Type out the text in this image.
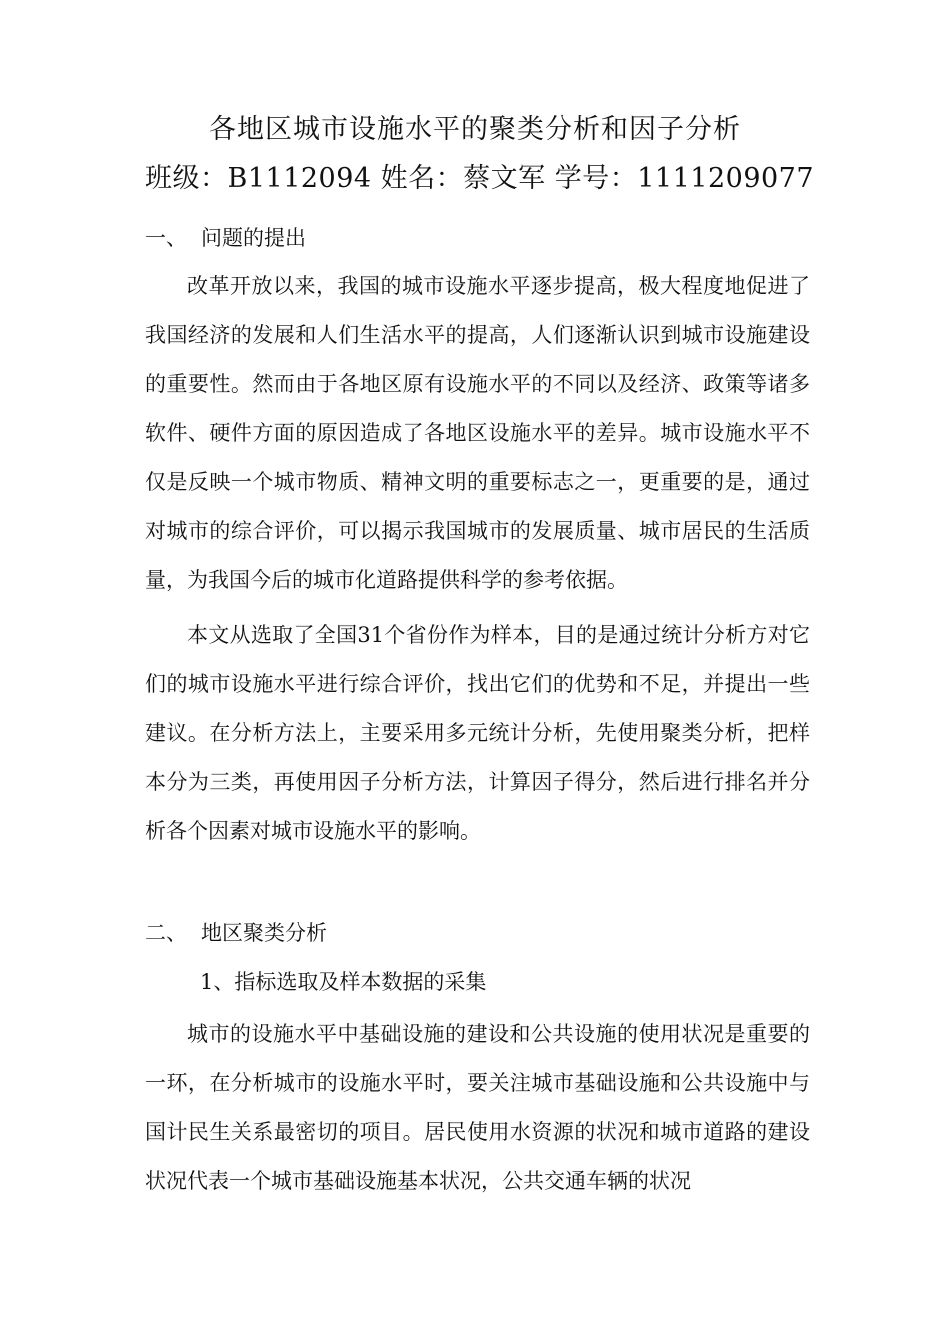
各地区城市设施水平的聚类分析和因子分析
班级：B1112094 姓名：蔡文军 学号：1111209077
一、 问题的提出

改革开放以来，我国的城市设施水平逐步提高，极大程度地促进了我国经济的发展和人们生活水平的提高，人们逐渐认识到城市设施建设的重要性。然而由于各地区原有设施水平的不同以及经济、政策等诸多软件、硬件方面的原因造成了各地区设施水平的差异。城市设施水平不仅是反映一个城市物质、精神文明的重要标志之一，更重要的是，通过对城市的综合评价，可以揭示我国城市的发展质量、城市居民的生活质量，为我国今后的城市化道路提供科学的参考依据。

本文从选取了全国31个省份作为样本，目的是通过统计分析方对它们的城市设施水平进行综合评价，找出它们的优势和不足，并提出一些建议。在分析方法上，主要采用多元统计分析，先使用聚类分析，把样本分为三类，再使用因子分析方法，计算因子得分，然后进行排名并分析各个因素对城市设施水平的影响。

二、 地区聚类分析
1、指标选取及样本数据的采集

城市的设施水平中基础设施的建设和公共设施的使用状况是重要的一环，在分析城市的设施水平时，要关注城市基础设施和公共设施中与国计民生关系最密切的项目。居民使用水资源的状况和城市道路的建设状况代表一个城市基础设施基本状况，公共交通车辆的状况
